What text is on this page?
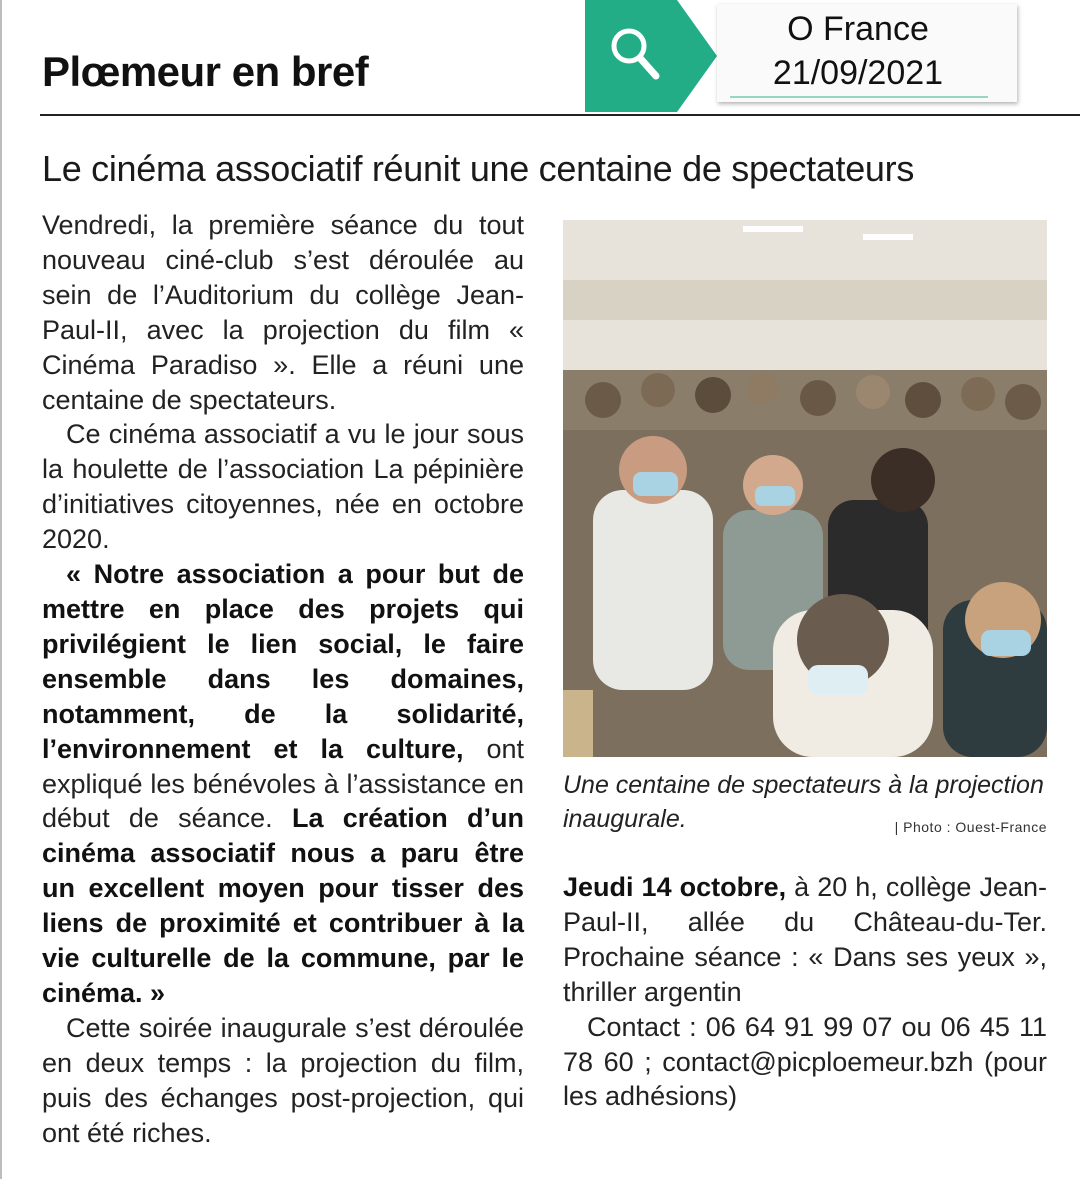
Plœmeur en bref
O France
21/09/2021
Le cinéma associatif réunit une centaine de spectateurs

Vendredi, la première séance du tout nouveau ciné-club s’est déroulée au sein de l’Auditorium du collège Jean-Paul-II, avec la projection du film « Cinéma Paradiso ». Elle a réuni une centaine de spectateurs.

Ce cinéma associatif a vu le jour sous la houlette de l’association La pépinière d’initiatives citoyennes, née en octobre 2020.

« Notre association a pour but de mettre en place des projets qui privilégient le lien social, le faire ensemble dans les domaines, notamment, de la solidarité, l’environnement et la culture, ont expliqué les bénévoles à l’assistance en début de séance. La création d’un cinéma associatif nous a paru être un excellent moyen pour tisser des liens de proximité et contribuer à la vie culturelle de la commune, par le cinéma. »

Cette soirée inaugurale s’est déroulée en deux temps : la projection du film, puis des échanges post-projection, qui ont été riches.

Une centaine de spectateurs à la projection inaugurale.	| Photo : Ouest-France

Jeudi 14 octobre, à 20 h, collège Jean-Paul-II, allée du Château-du-Ter. Prochaine séance : « Dans ses yeux », thriller argentin

Contact : 06 64 91 99 07 ou 06 45 11 78 60 ; contact@picploemeur.bzh (pour les adhésions)
